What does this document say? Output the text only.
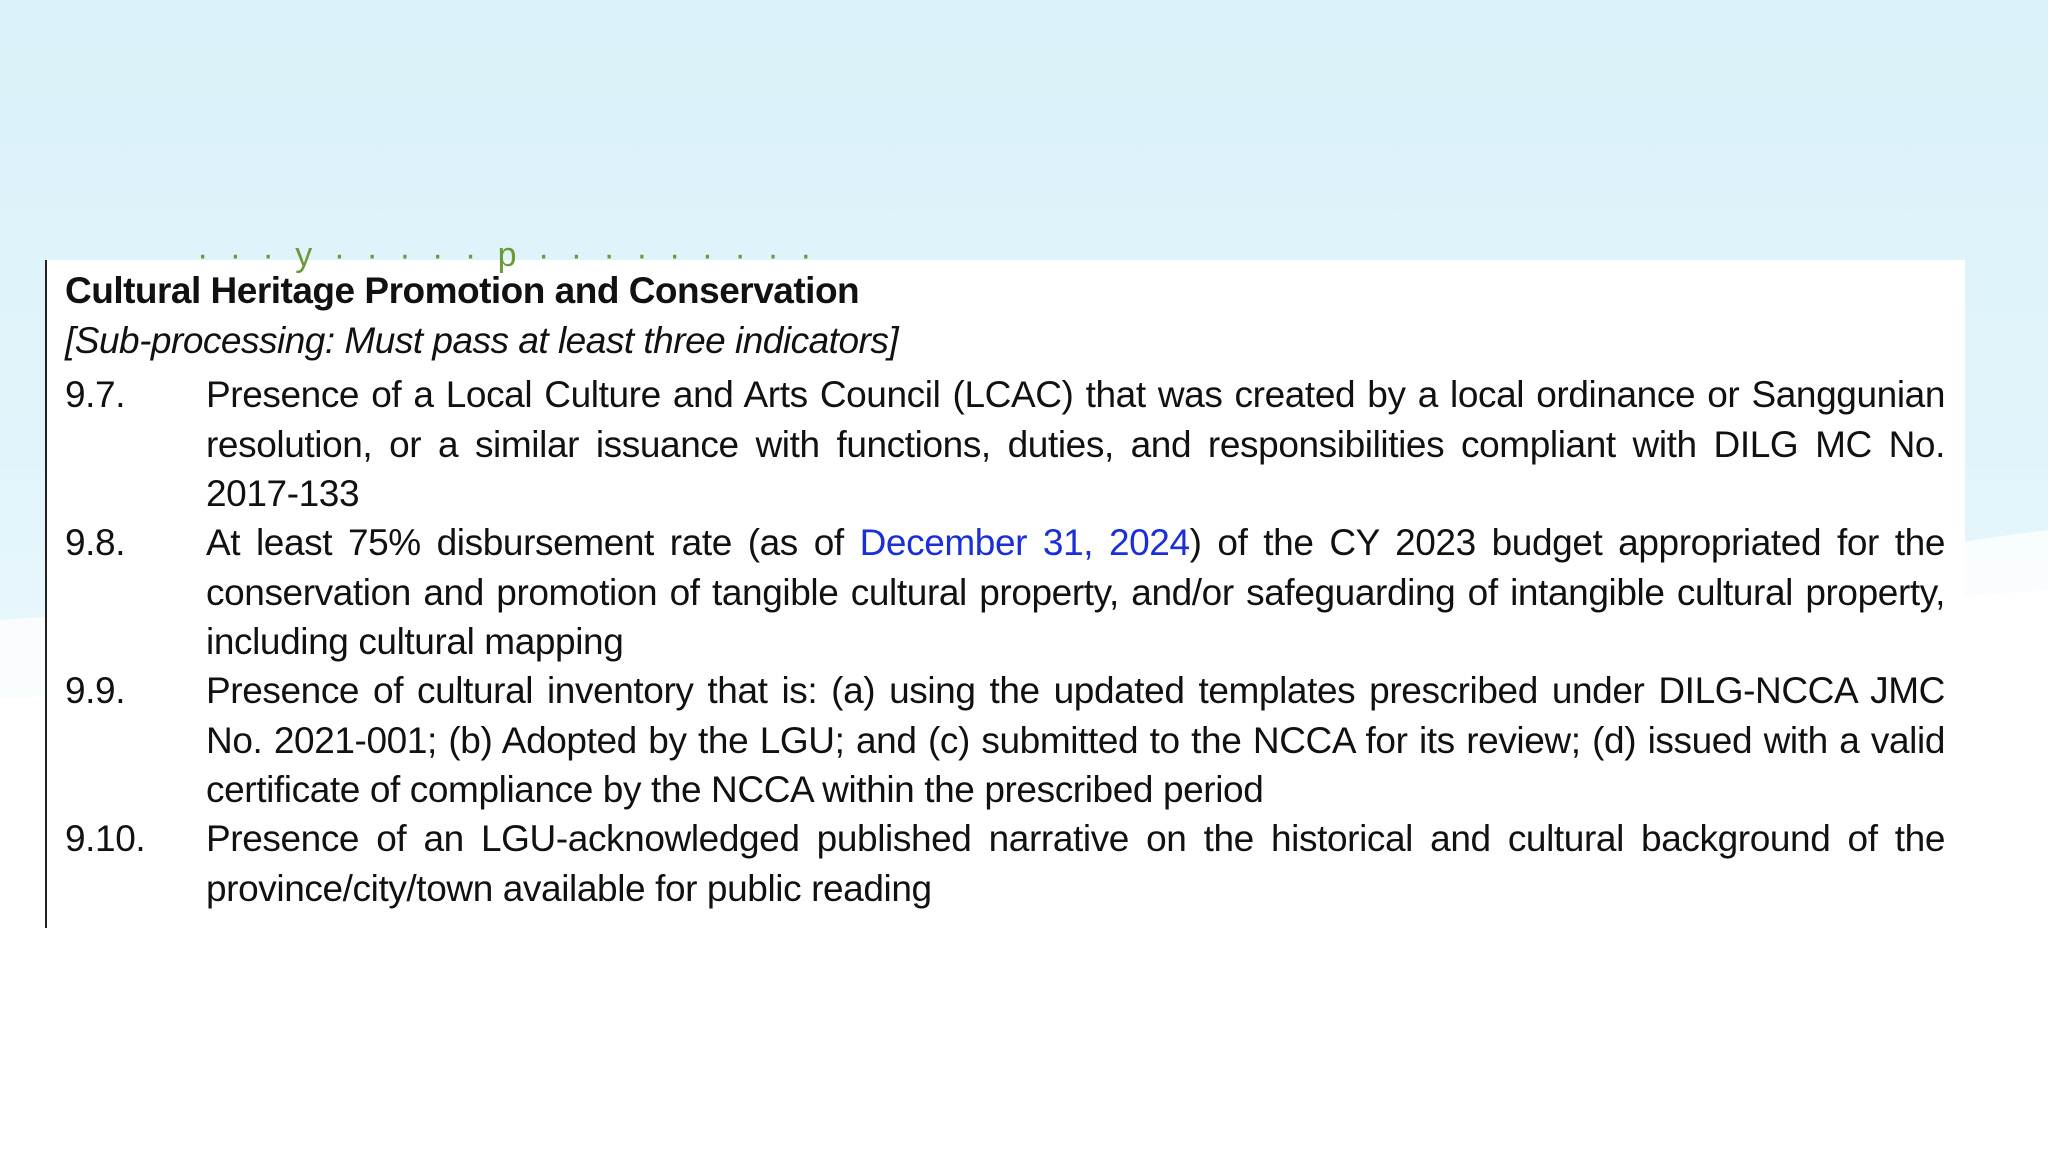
· · · y · · · · · p · · · · · · · · ·
Cultural Heritage Promotion and Conservation
[Sub-processing: Must pass at least three indicators]
9.7. Presence of a Local Culture and Arts Council (LCAC) that was created by a local ordinance or Sanggunian resolution, or a similar issuance with functions, duties, and responsibilities compliant with DILG MC No. 2017-133
9.8. At least 75% disbursement rate (as of December 31, 2024) of the CY 2023 budget appropriated for the conservation and promotion of tangible cultural property, and/or safeguarding of intangible cultural property, including cultural mapping
9.9. Presence of cultural inventory that is: (a) using the updated templates prescribed under DILG-NCCA JMC No. 2021-001; (b) Adopted by the LGU; and (c) submitted to the NCCA for its review; (d) issued with a valid certificate of compliance by the NCCA within the prescribed period
9.10. Presence of an LGU-acknowledged published narrative on the historical and cultural background of the province/city/town available for public reading
